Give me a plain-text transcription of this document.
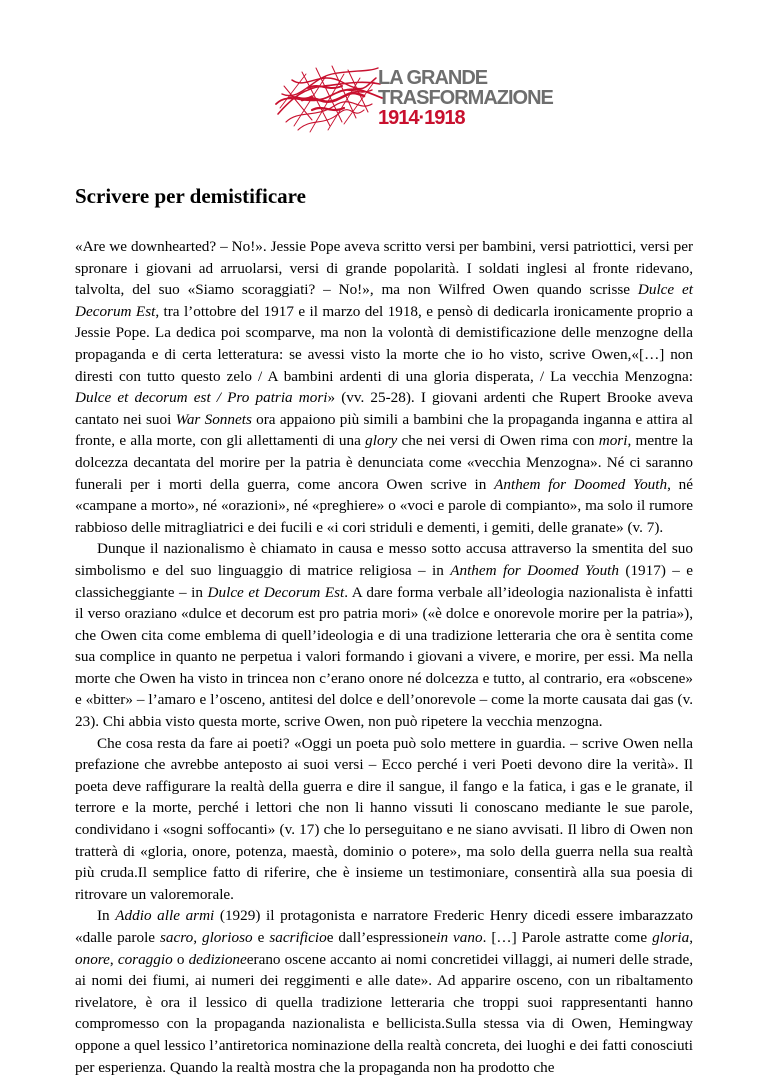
LA GRANDE
TRASFORMAZIONE
1914·1918
Scrivere per demistificare

«Are we downhearted? – No!». Jessie Pope aveva scritto versi per bambini, versi patriottici, versi per spronare i giovani ad arruolarsi, versi di grande popolarità. I soldati inglesi al fronte ridevano, talvolta, del suo «Siamo scoraggiati? – No!», ma non Wilfred Owen quando scrisse Dulce et Decorum Est, tra l’ottobre del 1917 e il marzo del 1918, e pensò di dedicarla ironicamente proprio a Jessie Pope. La dedica poi scomparve, ma non la volontà di demistificazione delle menzogne della propaganda e di certa letteratura: se avessi visto la morte che io ho visto, scrive Owen,«[…] non diresti con tutto questo zelo / A bambini ardenti di una gloria disperata, / La vecchia Menzogna: Dulce et decorum est / Pro patria mori» (vv. 25-28). I giovani ardenti che Rupert Brooke aveva cantato nei suoi War Sonnets ora appaiono più simili a bambini che la propaganda inganna e attira al fronte, e alla morte, con gli allettamenti di una glory che nei versi di Owen rima con mori, mentre la dolcezza decantata del morire per la patria è denunciata come «vecchia Menzogna». Né ci saranno funerali per i morti della guerra, come ancora Owen scrive in Anthem for Doomed Youth, né «campane a morto», né «orazioni», né «preghiere» o «voci e parole di compianto», ma solo il rumore rabbioso delle mitragliatrici e dei fucili e «i cori striduli e dementi, i gemiti, delle granate» (v. 7).

Dunque il nazionalismo è chiamato in causa e messo sotto accusa attraverso la smentita del suo simbolismo e del suo linguaggio di matrice religiosa – in Anthem for Doomed Youth (1917) – e classicheggiante – in Dulce et Decorum Est. A dare forma verbale all’ideologia nazionalista è infatti il verso oraziano «dulce et decorum est pro patria mori» («è dolce e onorevole morire per la patria»), che Owen cita come emblema di quell’ideologia e di una tradizione letteraria che ora è sentita come sua complice in quanto ne perpetua i valori formando i giovani a vivere, e morire, per essi. Ma nella morte che Owen ha visto in trincea non c’erano onore né dolcezza e tutto, al contrario, era «obscene» e «bitter» – l’amaro e l’osceno, antitesi del dolce e dell’onorevole – come la morte causata dai gas (v. 23). Chi abbia visto questa morte, scrive Owen, non può ripetere la vecchia menzogna.

Che cosa resta da fare ai poeti? «Oggi un poeta può solo mettere in guardia. – scrive Owen nella prefazione che avrebbe anteposto ai suoi versi – Ecco perché i veri Poeti devono dire la verità». Il poeta deve raffigurare la realtà della guerra e dire il sangue, il fango e la fatica, i gas e le granate, il terrore e la morte, perché i lettori che non li hanno vissuti li conoscano mediante le sue parole, condividano i «sogni soffocanti» (v. 17) che lo perseguitano e ne siano avvisati. Il libro di Owen non tratterà di «gloria, onore, potenza, maestà, dominio o potere», ma solo della guerra nella sua realtà più cruda.Il semplice fatto di riferire, che è insieme un testimoniare, consentirà alla sua poesia di ritrovare un valoremorale.

In Addio alle armi (1929) il protagonista e narratore Frederic Henry dicedi essere imbarazzato «dalle parole sacro, glorioso e sacrificioe dall’espressionein vano. […] Parole astratte come gloria, onore, coraggio o dedizioneerano oscene accanto ai nomi concretidei villaggi, ai numeri delle strade, ai nomi dei fiumi, ai numeri dei reggimenti e alle date». Ad apparire osceno, con un ribaltamento rivelatore, è ora il lessico di quella tradizione letteraria che troppi suoi rappresentanti hanno compromesso con la propaganda nazionalista e bellicista.Sulla stessa via di Owen, Hemingway oppone a quel lessico l’antiretorica nominazione della realtà concreta, dei luoghi e dei fatti conosciuti per esperienza. Quando la realtà mostra che la propaganda non ha prodotto che
